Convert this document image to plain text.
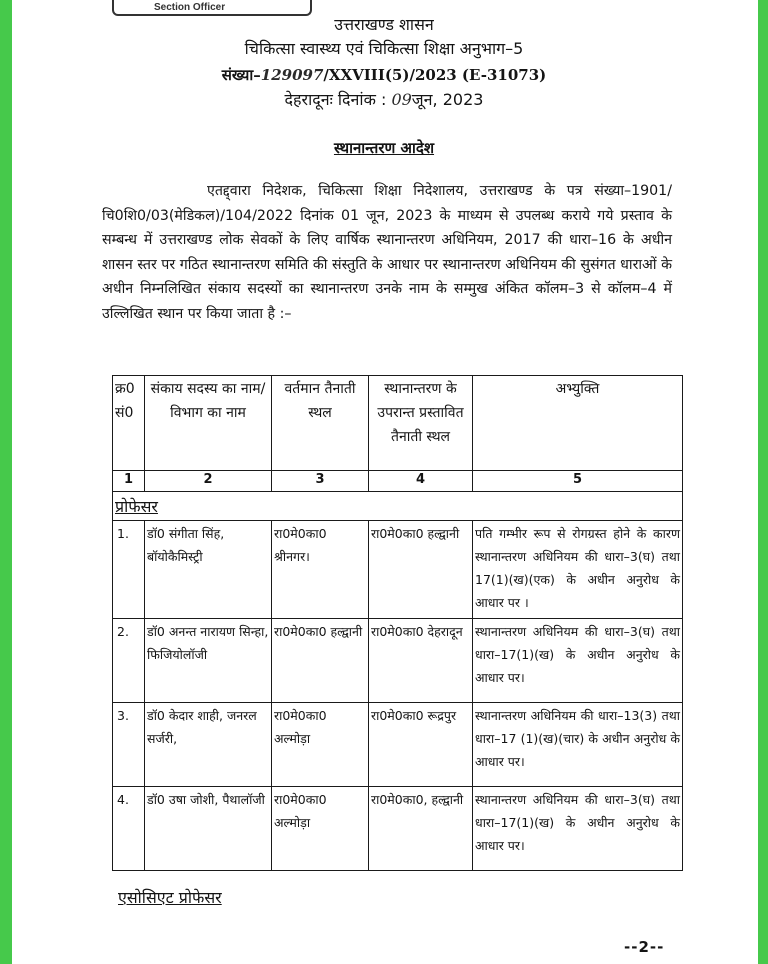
Section Officer
उत्तराखण्ड शासन
चिकित्सा स्वास्थ्य एवं चिकित्सा शिक्षा अनुभाग–5
संख्या–129097/XXVIII(5)/2023 (E-31073)
देहरादूनः दिनांक : 09जून, 2023
स्थानान्तरण आदेश
एतद्द्वारा निदेशक, चिकित्सा शिक्षा निदेशालय, उत्तराखण्ड के पत्र संख्या–1901/चि0शि0/03(मेडिकल)/104/2022 दिनांक 01 जून, 2023 के माध्यम से उपलब्ध कराये गये प्रस्ताव के सम्बन्ध में उत्तराखण्ड लोक सेवकों के लिए वार्षिक स्थानान्तरण अधिनियम, 2017 की धारा–16 के अधीन शासन स्तर पर गठित स्थानान्तरण समिति की संस्तुति के आधार पर स्थानान्तरण अधिनियम की सुसंगत धाराओं के अधीन निम्नलिखित संकाय सदस्यों का स्थानान्तरण उनके नाम के सम्मुख अंकित कॉलम–3 से कॉलम–4 में उल्लिखित स्थान पर किया जाता है :–
क्र0 सं0	संकाय सदस्य का नाम/विभाग का नाम	वर्तमान तैनाती स्थल	स्थानान्तरण के उपरान्त प्रस्तावित तैनाती स्थल	अभ्युक्ति
1	2	3	4	5
प्रोफेसर				
1.	डॉ0 संगीता सिंह, बॉयोकैमिस्ट्री	रा0मे0का0 श्रीनगर।	रा0मे0का0 हल्द्वानी	पति गम्भीर रूप से रोगग्रस्त होने के कारण स्थानान्तरण अधिनियम की धारा–3(घ) तथा 17(1)(ख)(एक) के अधीन अनुरोध के आधार पर ।
2.	डॉ0 अनन्त नारायण सिन्हा, फिजियोलॉजी	रा0मे0का0 हल्द्वानी	रा0मे0का0 देहरादून	स्थानान्तरण अधिनियम की धारा–3(घ) तथा धारा–17(1)(ख) के अधीन अनुरोध के आधार पर।
3.	डॉ0 केदार शाही, जनरल सर्जरी,	रा0मे0का0 अल्मोड़ा	रा0मे0का0 रूद्रपुर	स्थानान्तरण अधिनियम की धारा–13(3) तथा धारा–17 (1)(ख)(चार) के अधीन अनुरोध के आधार पर।
4.	डॉ0 उषा जोशी, पैथालॉजी	रा0मे0का0 अल्मोड़ा	रा0मे0का0, हल्द्वानी	स्थानान्तरण अधिनियम की धारा–3(घ) तथा धारा–17(1)(ख) के अधीन अनुरोध के आधार पर।
एसोसिएट प्रोफेसर
--2--
